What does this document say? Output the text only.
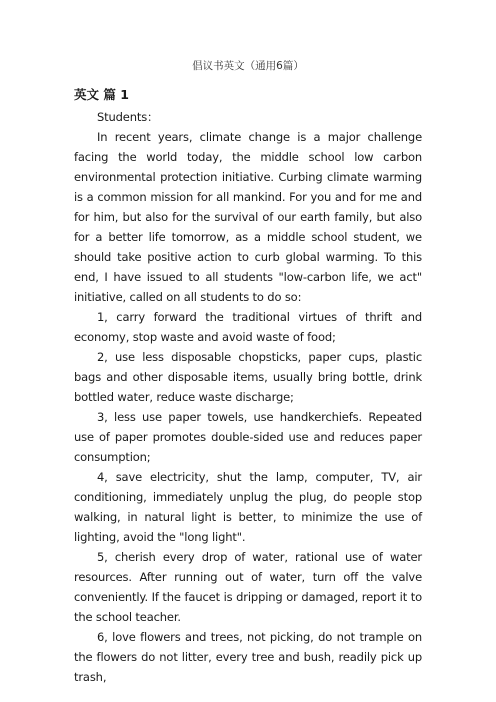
倡议书英文（通用6篇）
英文 篇 1

Students：

In recent years, climate change is a major challenge facing the world today, the middle school low carbon environmental protection initiative. Curbing climate warming is a common mission for all mankind. For you and for me and for him, but also for the survival of our earth family, but also for a better life tomorrow, as a middle school student, we should take positive action to curb global warming. To this end, I have issued to all students "low-carbon life, we act" initiative, called on all students to do so:

1, carry forward the traditional virtues of thrift and economy, stop waste and avoid waste of food;

2, use less disposable chopsticks, paper cups, plastic bags and other disposable items, usually bring bottle, drink bottled water, reduce waste discharge;

3, less use paper towels, use handkerchiefs. Repeated use of paper promotes double-sided use and reduces paper consumption;

4, save electricity, shut the lamp, computer, TV, air conditioning, immediately unplug the plug, do people stop walking, in natural light is better, to minimize the use of lighting, avoid the "long light".

5, cherish every drop of water, rational use of water resources. After running out of water, turn off the valve conveniently. If the faucet is dripping or damaged, report it to the school teacher.

6, love flowers and trees, not picking, do not trample on the flowers do not litter, every tree and bush, readily pick up trash,
